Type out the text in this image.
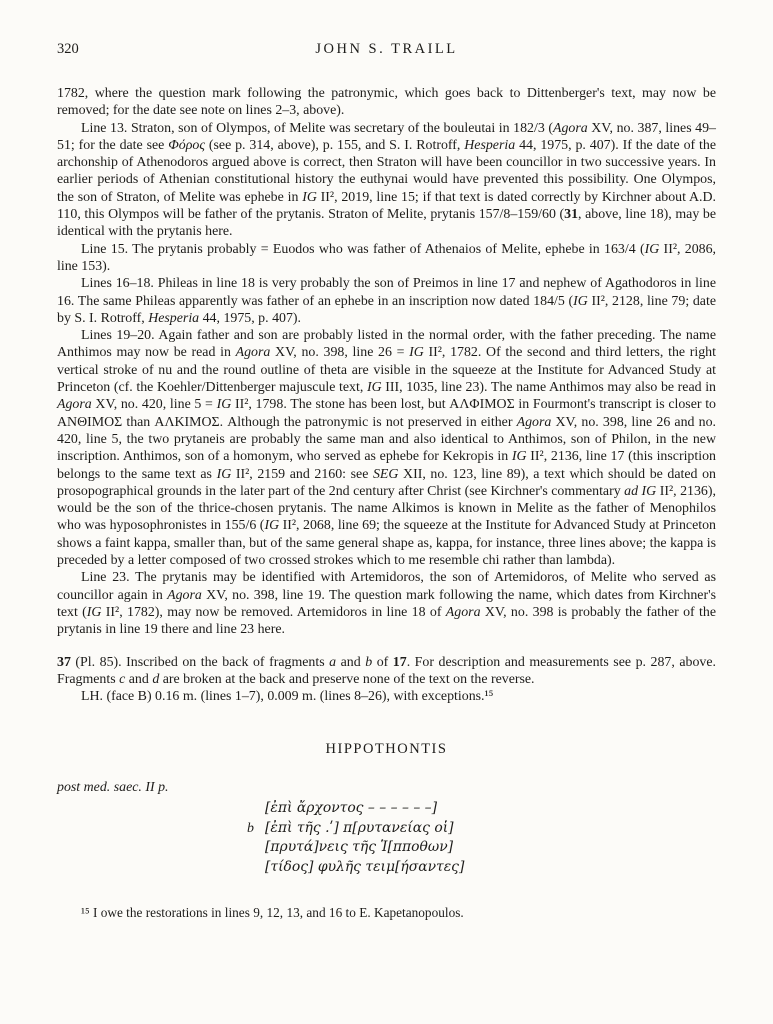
320	JOHN S. TRAILL

1782, where the question mark following the patronymic, which goes back to Dittenberger's text, may now be removed; for the date see note on lines 2–3, above).

Line 13. Straton, son of Olympos, of Melite was secretary of the bouleutai in 182/3 (Agora XV, no. 387, lines 49–51; for the date see Φόρος (see p. 314, above), p. 155, and S. I. Rotroff, Hesperia 44, 1975, p. 407). If the date of the archonship of Athenodoros argued above is correct, then Straton will have been councillor in two successive years. In earlier periods of Athenian constitutional history the euthynai would have prevented this possibility. One Olympos, the son of Straton, of Melite was ephebe in IG II², 2019, line 15; if that text is dated correctly by Kirchner about A.D. 110, this Olympos will be father of the prytanis. Straton of Melite, prytanis 157/8–159/60 (31, above, line 18), may be identical with the prytanis here.

Line 15. The prytanis probably = Euodos who was father of Athenaios of Melite, ephebe in 163/4 (IG II², 2086, line 153).

Lines 16–18. Phileas in line 18 is very probably the son of Preimos in line 17 and nephew of Agathodoros in line 16. The same Phileas apparently was father of an ephebe in an inscription now dated 184/5 (IG II², 2128, line 79; date by S. I. Rotroff, Hesperia 44, 1975, p. 407).

Lines 19–20. Again father and son are probably listed in the normal order, with the father preceding. The name Anthimos may now be read in Agora XV, no. 398, line 26 = IG II², 1782. Of the second and third letters, the right vertical stroke of nu and the round outline of theta are visible in the squeeze at the Institute for Advanced Study at Princeton (cf. the Koehler/Dittenberger majuscule text, IG III, 1035, line 23). The name Anthimos may also be read in Agora XV, no. 420, line 5 = IG II², 1798. The stone has been lost, but ΑΛΦΙΜΟΣ in Fourmont's transcript is closer to ΑΝΘΙΜΟΣ than ΑΛΚΙΜΟΣ. Although the patronymic is not preserved in either Agora XV, no. 398, line 26 and no. 420, line 5, the two prytaneis are probably the same man and also identical to Anthimos, son of Philon, in the new inscription. Anthimos, son of a homonym, who served as ephebe for Kekropis in IG II², 2136, line 17 (this inscription belongs to the same text as IG II², 2159 and 2160: see SEG XII, no. 123, line 89), a text which should be dated on prosopographical grounds in the later part of the 2nd century after Christ (see Kirchner's commentary ad IG II², 2136), would be the son of the thrice-chosen prytanis. The name Alkimos is known in Melite as the father of Menophilos who was hyposophronistes in 155/6 (IG II², 2068, line 69; the squeeze at the Institute for Advanced Study at Princeton shows a faint kappa, smaller than, but of the same general shape as, kappa, for instance, three lines above; the kappa is preceded by a letter composed of two crossed strokes which to me resemble chi rather than lambda).

Line 23. The prytanis may be identified with Artemidoros, the son of Artemidoros, of Melite who served as councillor again in Agora XV, no. 398, line 19. The question mark following the name, which dates from Kirchner's text (IG II², 1782), may now be removed. Artemidoros in line 18 of Agora XV, no. 398 is probably the father of the prytanis in line 19 there and line 23 here.

37 (Pl. 85). Inscribed on the back of fragments a and b of 17. For description and measurements see p. 287, above. Fragments c and d are broken at the back and preserve none of the text on the reverse.

LH. (face B) 0.16 m. (lines 1–7), 0.009 m. (lines 8–26), with exceptions.¹⁵

HIPPOTHONTIS

post med. saec. II p.

[ἐπὶ ἄρχοντος – – – – – –]
b [ἐπὶ τῆς .ʹ] π[ρυτανείας οἱ]
[πρυτά]νεις τῆς Ἱ[πποθων]
[τίδος] φυλῆς τειμ[ήσαντες]

¹⁵ I owe the restorations in lines 9, 12, 13, and 16 to E. Kapetanopoulos.
